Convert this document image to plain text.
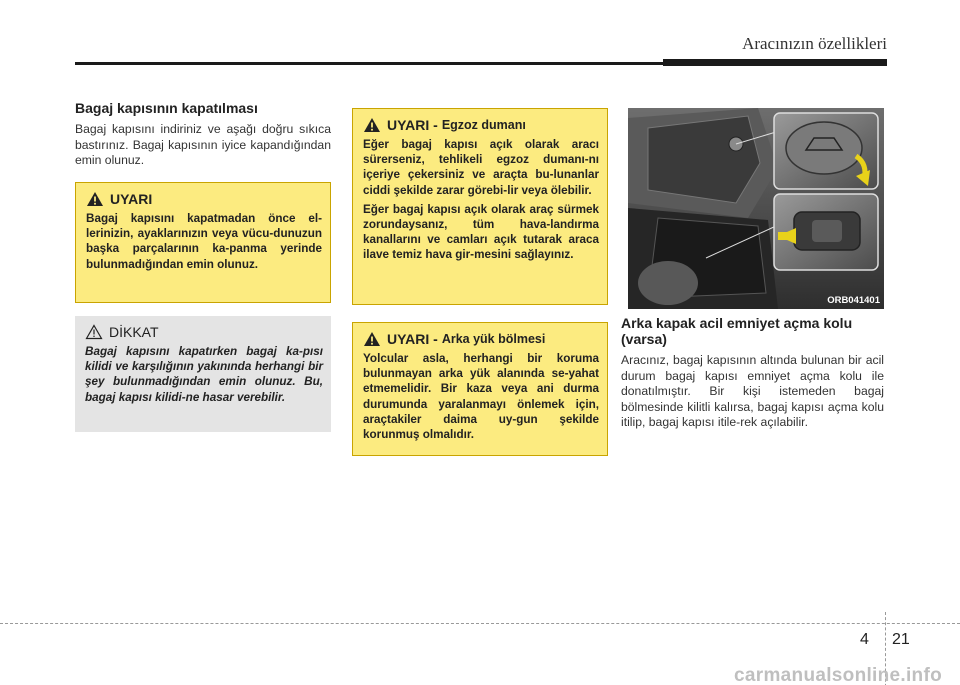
Aracınızın özellikleri
Bagaj kapısının kapatılması

Bagaj kapısını indiriniz ve aşağı doğru sıkıca bastırınız. Bagaj kapısının iyice kapandığından emin olunuz.

UYARI

Bagaj kapısını kapatmadan önce el-lerinizin, ayaklarınızın veya vücu-dunuzun başka parçalarının ka-panma yerinde bulunmadığından emin olunuz.

DİKKAT

Bagaj kapısını kapatırken bagaj ka-pısı kilidi ve karşılığının yakınında herhangi bir şey bulunmadığından emin olunuz. Bu, bagaj kapısı kilidi-ne hasar verebilir.

UYARI - Egzoz dumanı

Eğer bagaj kapısı açık olarak aracı sürerseniz, tehlikeli egzoz dumanı-nı içeriye çekersiniz ve araçta bu-lunanlar ciddi şekilde zarar görebi-lir veya ölebilir.

Eğer bagaj kapısı açık olarak araç sürmek zorundaysanız, tüm hava-landırma kanallarını ve camları açık tutarak araca ilave temiz hava gir-mesini sağlayınız.

UYARI - Arka yük bölmesi

Yolcular asla, herhangi bir koruma bulunmayan arka yük alanında se-yahat etmemelidir. Bir kaza veya ani durma durumunda yaralanmayı önlemek için, araçtakiler daima uy-gun şekilde korunmuş olmalıdır.

ORB041401
Arka kapak acil emniyet açma kolu (varsa)

Aracınız, bagaj kapısının altında bulunan bir acil durum bagaj kapısı emniyet açma kolu ile donatılmıştır. Bir kişi istemeden bagaj bölmesinde kilitli kalırsa, bagaj kapısı açma kolu itilip, bagaj kapısı itile-rek açılabilir.

4 21
carmanualsonline.info
